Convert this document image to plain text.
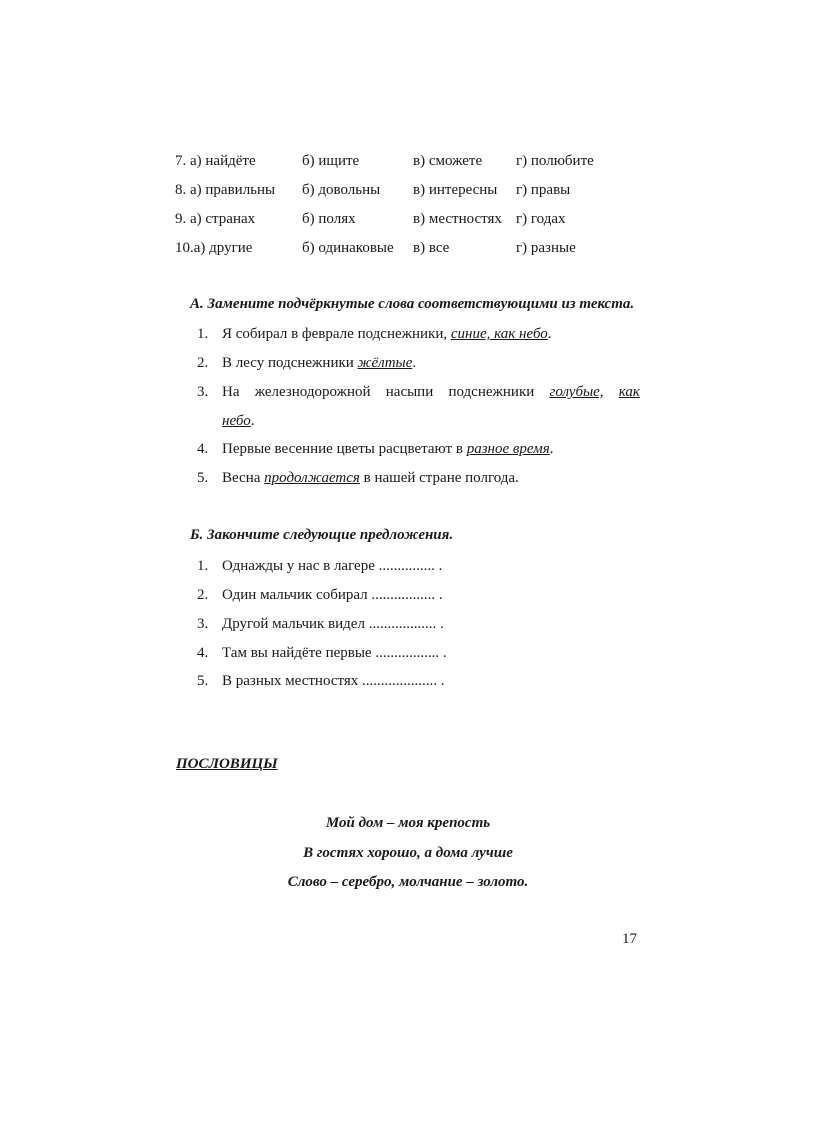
7. а) найдёте	б) ищите	в) сможете г) полюбите
8. а) правильны б) довольны в) интересны г) правы
9. а) странах	б) полях	в) местностях г) годах
10.а) другие	б) одинаковые в) все	г) разные
А. Замените подчёркнутые слова соответствующими из текста.
1. Я собирал в феврале подснежники, синие, как небо.
2. В лесу подснежники жёлтые.
3. На железнодорожной насыпи подснежники голубые, как
небо.
4. Первые весенние цветы расцветают в разное время.
5. Весна продолжается в нашей стране полгода.
Б. Закончите следующие предложения.
1. Однажды у нас в лагере ............... .
2. Один мальчик собирал ................. .
3. Другой мальчик видел .................. .
4. Там вы найдёте первые ................. .
5. В разных местностях .................... .
ПОСЛОВИЦЫ
Мой дом – моя крепость
В гостях хорошо, а дома лучше
Слово – серебро, молчание – золото.
17
